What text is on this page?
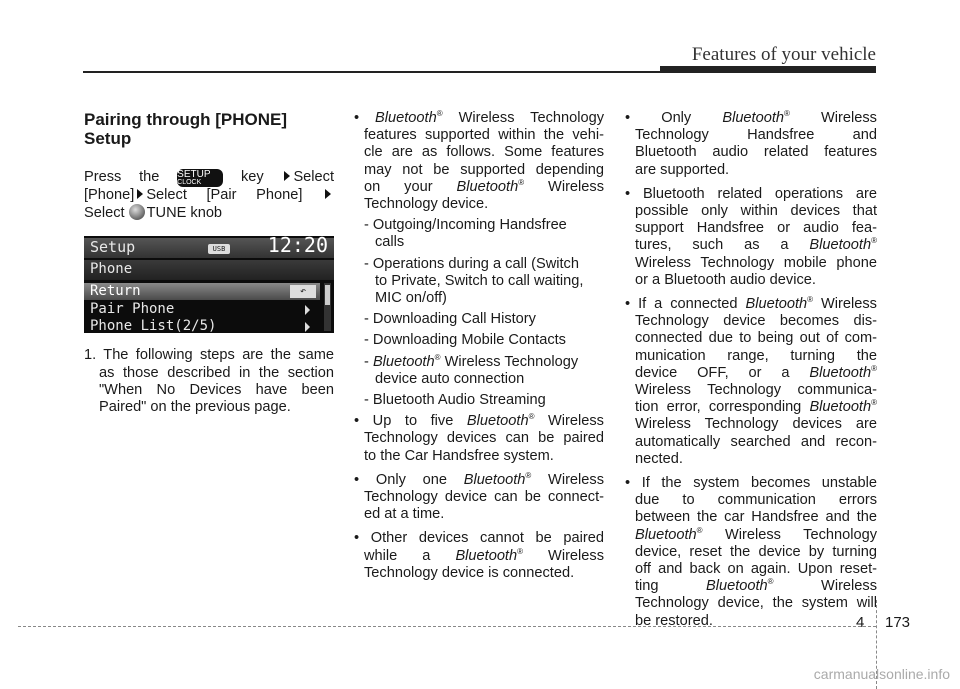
Features of your vehicle
Pairing through [PHONE]
Setup
Press the SETUP
CLOCK	key Select
[Phone] Select [Pair Phone]
Select TUNE knob
Setup	USB 12:20
Phone
Return	↶
Pair Phone
Phone List(2/5)
1. The following steps are the same
as those described in the section
"When No Devices have been
Paired" on the previous page.
• Bluetooth® Wireless Technology
features supported within the vehi-
cle are as follows. Some features
may not be supported depending
on your Bluetooth® Wireless
Technology device.
- Outgoing/Incoming Handsfree
calls
- Operations during a call (Switch
to Private, Switch to call waiting,
MIC on/off)
- Downloading Call History
- Downloading Mobile Contacts
- Bluetooth® Wireless Technology
device auto connection
- Bluetooth Audio Streaming
• Up to five Bluetooth® Wireless
Technology devices can be paired
to the Car Handsfree system.
• Only one Bluetooth® Wireless
Technology device can be connect-
ed at a time.
• Other devices cannot be paired
while a Bluetooth® Wireless
Technology device is connected.
• Only Bluetooth® Wireless
Technology Handsfree and
Bluetooth audio related features
are supported.
• Bluetooth related operations are
possible only within devices that
support Handsfree or audio fea-
tures, such as a Bluetooth®
Wireless Technology mobile phone
or a Bluetooth audio device.
• If a connected Bluetooth® Wireless
Technology device becomes dis-
connected due to being out of com-
munication range, turning the
device OFF, or a Bluetooth®
Wireless Technology communica-
tion error, corresponding Bluetooth®
Wireless Technology devices are
automatically searched and recon-
nected.
• If the system becomes unstable
due to communication errors
between the car Handsfree and the
Bluetooth® Wireless Technology
device, reset the device by turning
off and back on again. Upon reset-
ting	Bluetooth®	Wireless
Technology device, the system will
be restored.	4 173
carmanualsonline.info
